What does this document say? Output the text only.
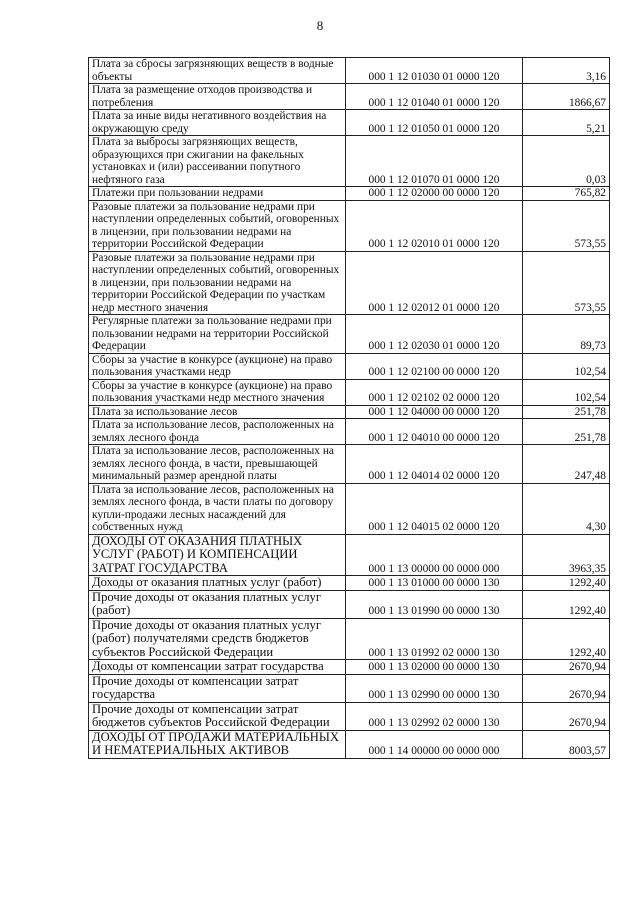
8
Плата за сбросы загрязняющих веществ в водные объекты	000 1 12 01030 01 0000 120	3,16
Плата за размещение отходов производства и потребления	000 1 12 01040 01 0000 120	1866,67
Плата за иные виды негативного воздействия на окружающую среду	000 1 12 01050 01 0000 120	5,21
Плата за выбросы загрязняющих веществ, образующихся при сжигании на факельных установках и (или) рассеивании попутного нефтяного газа	000 1 12 01070 01 0000 120	0,03
Платежи при пользовании недрами	000 1 12 02000 00 0000 120	765,82
Разовые платежи за пользование недрами при наступлении определенных событий, оговоренных в лицензии, при пользовании недрами на территории Российской Федерации	000 1 12 02010 01 0000 120	573,55
Разовые платежи за пользование недрами при наступлении определенных событий, оговоренных в лицензии, при пользовании недрами на территории Российской Федерации по участкам недр местного значения	000 1 12 02012 01 0000 120	573,55
Регулярные платежи за пользование недрами при пользовании недрами на территории Российской Федерации	000 1 12 02030 01 0000 120	89,73
Сборы за участие в конкурсе (аукционе) на право пользования участками недр	000 1 12 02100 00 0000 120	102,54
Сборы за участие в конкурсе (аукционе) на право пользования участками недр местного значения	000 1 12 02102 02 0000 120	102,54
Плата за использование лесов	000 1 12 04000 00 0000 120	251,78
Плата за использование лесов, расположенных на землях лесного фонда	000 1 12 04010 00 0000 120	251,78
Плата за использование лесов, расположенных на землях лесного фонда, в части, превышающей минимальный размер арендной платы	000 1 12 04014 02 0000 120	247,48
Плата за использование лесов, расположенных на землях лесного фонда, в части платы по договору купли-продажи лесных насаждений для собственных нужд	000 1 12 04015 02 0000 120	4,30
ДОХОДЫ ОТ ОКАЗАНИЯ ПЛАТНЫХ УСЛУГ (РАБОТ) И КОМПЕНСАЦИИ ЗАТРАТ ГОСУДАРСТВА	000 1 13 00000 00 0000 000	3963,35
Доходы от оказания платных услуг (работ)	000 1 13 01000 00 0000 130	1292,40
Прочие доходы от оказания платных услуг (работ)	000 1 13 01990 00 0000 130	1292,40
Прочие доходы от оказания платных услуг (работ) получателями средств бюджетов субъектов Российской Федерации	000 1 13 01992 02 0000 130	1292,40
Доходы от компенсации затрат государства	000 1 13 02000 00 0000 130	2670,94
Прочие доходы от компенсации затрат государства	000 1 13 02990 00 0000 130	2670,94
Прочие доходы от компенсации затрат бюджетов субъектов Российской Федерации	000 1 13 02992 02 0000 130	2670,94
ДОХОДЫ ОТ ПРОДАЖИ МАТЕРИАЛЬНЫХ И НЕМАТЕРИАЛЬНЫХ АКТИВОВ	000 1 14 00000 00 0000 000	8003,57
